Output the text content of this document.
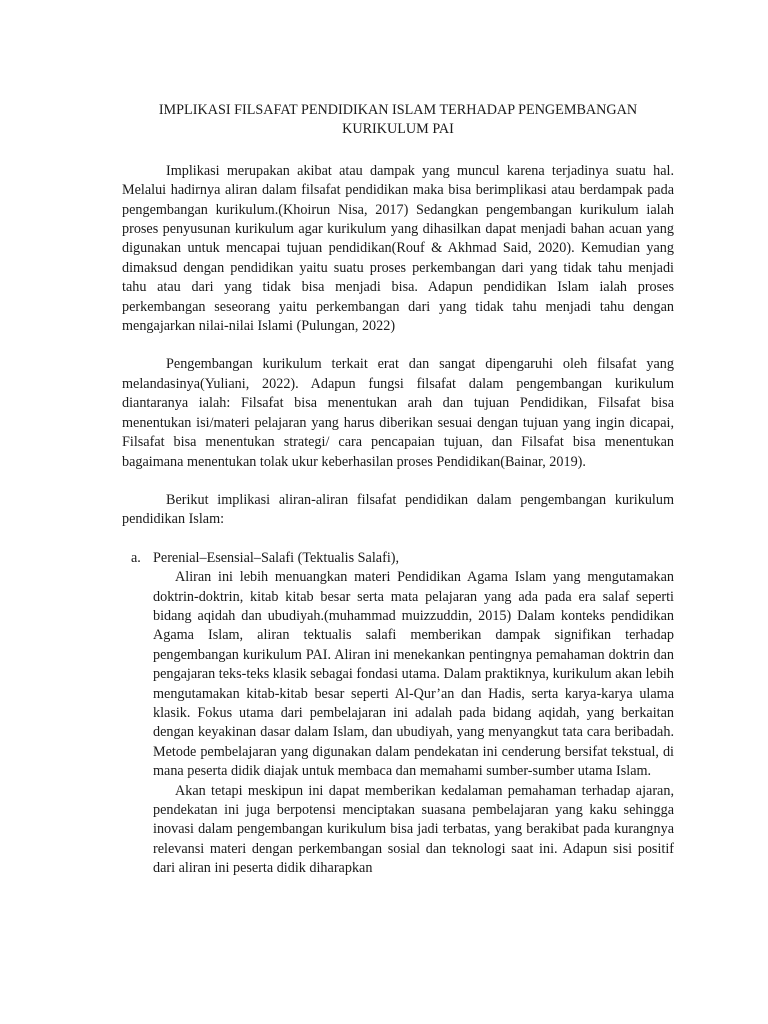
IMPLIKASI FILSAFAT PENDIDIKAN ISLAM TERHADAP PENGEMBANGAN KURIKULUM PAI

Implikasi merupakan akibat atau dampak yang muncul karena terjadinya suatu hal. Melalui hadirnya aliran dalam filsafat pendidikan maka bisa berimplikasi atau berdampak pada pengembangan kurikulum.(Khoirun Nisa, 2017) Sedangkan pengembangan kurikulum ialah proses penyusunan kurikulum agar kurikulum yang dihasilkan dapat menjadi bahan acuan yang digunakan untuk mencapai tujuan pendidikan(Rouf & Akhmad Said, 2020). Kemudian yang dimaksud dengan pendidikan yaitu suatu proses perkembangan dari yang tidak tahu menjadi tahu atau dari yang tidak bisa menjadi bisa. Adapun pendidikan Islam ialah proses perkembangan seseorang yaitu perkembangan dari yang tidak tahu menjadi tahu dengan mengajarkan nilai-nilai Islami (Pulungan, 2022)

Pengembangan kurikulum terkait erat dan sangat dipengaruhi oleh filsafat yang melandasinya(Yuliani, 2022). Adapun fungsi filsafat dalam pengembangan kurikulum diantaranya ialah: Filsafat bisa menentukan arah dan tujuan Pendidikan, Filsafat bisa menentukan isi/materi pelajaran yang harus diberikan sesuai dengan tujuan yang ingin dicapai, Filsafat bisa menentukan strategi/ cara pencapaian tujuan, dan Filsafat bisa menentukan bagaimana menentukan tolak ukur keberhasilan proses Pendidikan(Bainar, 2019).

Berikut implikasi aliran-aliran filsafat pendidikan dalam pengembangan kurikulum pendidikan Islam:

a. Perenial–Esensial–Salafi (Tektualis Salafi),

Aliran ini lebih menuangkan materi Pendidikan Agama Islam yang mengutamakan doktrin-doktrin, kitab kitab besar serta mata pelajaran yang ada pada era salaf seperti bidang aqidah dan ubudiyah.(muhammad muizzuddin, 2015) Dalam konteks pendidikan Agama Islam, aliran tektualis salafi memberikan dampak signifikan terhadap pengembangan kurikulum PAI. Aliran ini menekankan pentingnya pemahaman doktrin dan pengajaran teks-teks klasik sebagai fondasi utama. Dalam praktiknya, kurikulum akan lebih mengutamakan kitab-kitab besar seperti Al-Qur’an dan Hadis, serta karya-karya ulama klasik. Fokus utama dari pembelajaran ini adalah pada bidang aqidah, yang berkaitan dengan keyakinan dasar dalam Islam, dan ubudiyah, yang menyangkut tata cara beribadah. Metode pembelajaran yang digunakan dalam pendekatan ini cenderung bersifat tekstual, di mana peserta didik diajak untuk membaca dan memahami sumber-sumber utama Islam.

Akan tetapi meskipun ini dapat memberikan kedalaman pemahaman terhadap ajaran, pendekatan ini juga berpotensi menciptakan suasana pembelajaran yang kaku sehingga inovasi dalam pengembangan kurikulum bisa jadi terbatas, yang berakibat pada kurangnya relevansi materi dengan perkembangan sosial dan teknologi saat ini. Adapun sisi positif dari aliran ini peserta didik diharapkan
